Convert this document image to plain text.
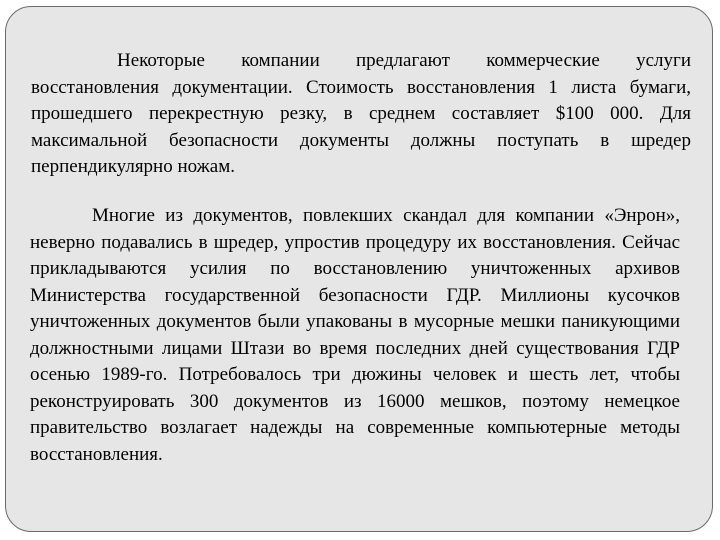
Некоторые компании предлагают коммерческие услуги восстановления документации. Стоимость восстановления 1 листа бумаги, прошедшего перекрестную резку, в среднем составляет $100 000. Для максимальной безопасности документы должны поступать в шредер перпендикулярно ножам.

Многие из документов, повлекших скандал для компании «Энрон», неверно подавались в шредер, упростив процедуру их восстановления. Сейчас прикладываются усилия по восстановлению уничтоженных архивов Министерства государственной безопасности ГДР. Миллионы кусочков уничтоженных документов были упакованы в мусорные мешки паникующими должностными лицами Штази во время последних дней существования ГДР осенью 1989-го. Потребовалось три дюжины человек и шесть лет, чтобы реконструировать 300 документов из 16000 мешков, поэтому немецкое правительство возлагает надежды на современные компьютерные методы восстановления.
